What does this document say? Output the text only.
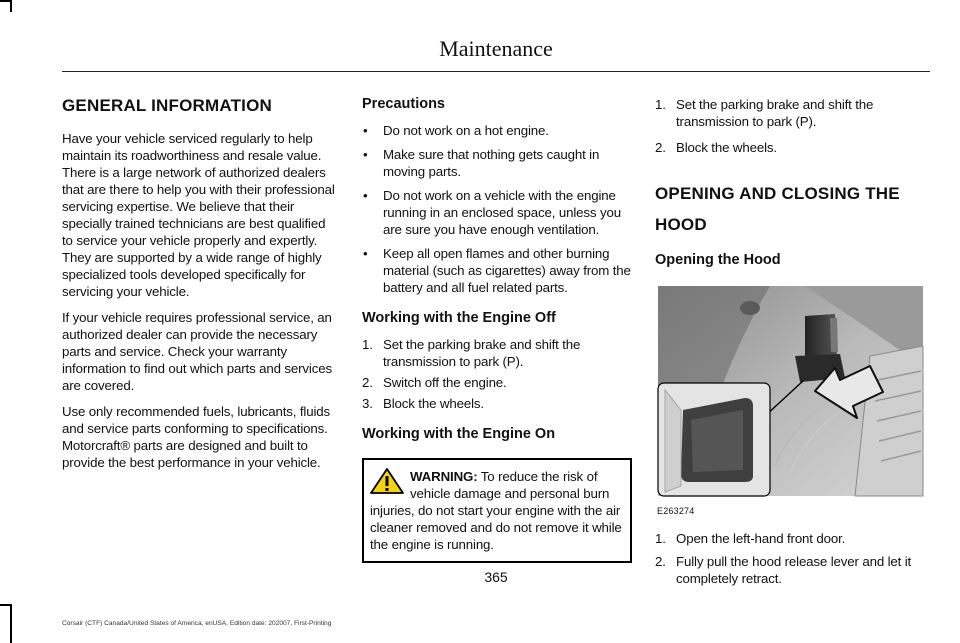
Maintenance
GENERAL INFORMATION

Have your vehicle serviced regularly to help maintain its roadworthiness and resale value. There is a large network of authorized dealers that are there to help you with their professional servicing expertise. We believe that their specially trained technicians are best qualified to service your vehicle properly and expertly. They are supported by a wide range of highly specialized tools developed specifically for servicing your vehicle.

If your vehicle requires professional service, an authorized dealer can provide the necessary parts and service. Check your warranty information to find out which parts and services are covered.

Use only recommended fuels, lubricants, fluids and service parts conforming to specifications. Motorcraft® parts are designed and built to provide the best performance in your vehicle.

Precautions
• Do not work on a hot engine.
• Make sure that nothing gets caught in moving parts.
• Do not work on a vehicle with the engine running in an enclosed space, unless you are sure you have enough ventilation.
• Keep all open flames and other burning material (such as cigarettes) away from the battery and all fuel related parts.
Working with the Engine Off
1. Set the parking brake and shift the transmission to park (P).
2. Switch off the engine.
3. Block the wheels.
Working with the Engine On
WARNING: To reduce the risk of vehicle damage and personal burn injuries, do not start your engine with the air cleaner removed and do not remove it while the engine is running.
1. Set the parking brake and shift the transmission to park (P).
2. Block the wheels.
OPENING AND CLOSING THE HOOD
Opening the Hood
E263274
1. Open the left-hand front door.
2. Fully pull the hood release lever and let it completely retract.
365
Corsair (CTF) Canada/United States of America, enUSA, Edition date: 202007, First-Printing
